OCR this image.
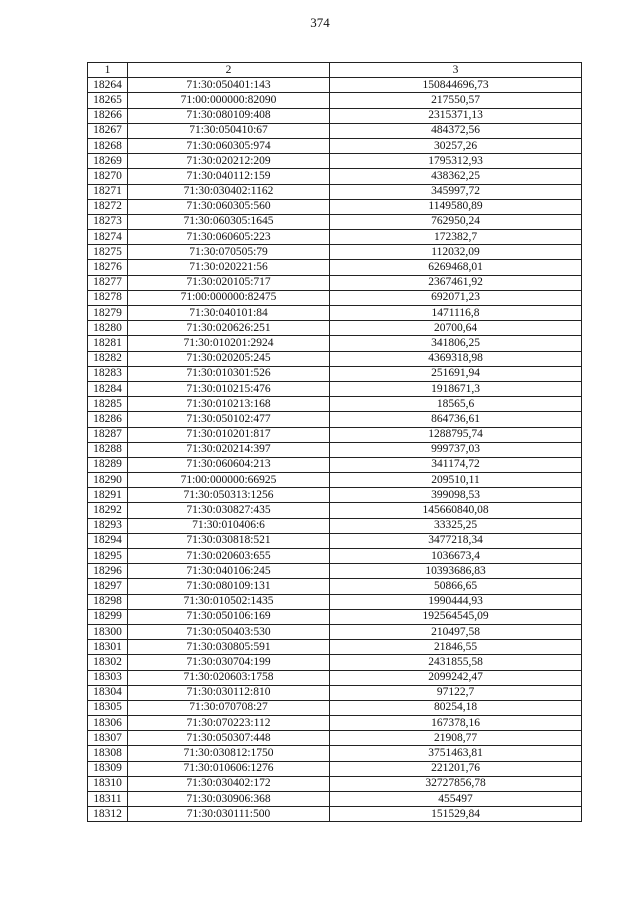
374
1	2	3
18264	71:30:050401:143	150844696,73
18265	71:00:000000:82090	217550,57
18266	71:30:080109:408	2315371,13
18267	71:30:050410:67	484372,56
18268	71:30:060305:974	30257,26
18269	71:30:020212:209	1795312,93
18270	71:30:040112:159	438362,25
18271	71:30:030402:1162	345997,72
18272	71:30:060305:560	1149580,89
18273	71:30:060305:1645	762950,24
18274	71:30:060605:223	172382,7
18275	71:30:070505:79	112032,09
18276	71:30:020221:56	6269468,01
18277	71:30:020105:717	2367461,92
18278	71:00:000000:82475	692071,23
18279	71:30:040101:84	1471116,8
18280	71:30:020626:251	20700,64
18281	71:30:010201:2924	341806,25
18282	71:30:020205:245	4369318,98
18283	71:30:010301:526	251691,94
18284	71:30:010215:476	1918671,3
18285	71:30:010213:168	18565,6
18286	71:30:050102:477	864736,61
18287	71:30:010201:817	1288795,74
18288	71:30:020214:397	999737,03
18289	71:30:060604:213	341174,72
18290	71:00:000000:66925	209510,11
18291	71:30:050313:1256	399098,53
18292	71:30:030827:435	145660840,08
18293	71:30:010406:6	33325,25
18294	71:30:030818:521	3477218,34
18295	71:30:020603:655	1036673,4
18296	71:30:040106:245	10393686,83
18297	71:30:080109:131	50866,65
18298	71:30:010502:1435	1990444,93
18299	71:30:050106:169	192564545,09
18300	71:30:050403:530	210497,58
18301	71:30:030805:591	21846,55
18302	71:30:030704:199	2431855,58
18303	71:30:020603:1758	2099242,47
18304	71:30:030112:810	97122,7
18305	71:30:070708:27	80254,18
18306	71:30:070223:112	167378,16
18307	71:30:050307:448	21908,77
18308	71:30:030812:1750	3751463,81
18309	71:30:010606:1276	221201,76
18310	71:30:030402:172	32727856,78
18311	71:30:030906:368	455497
18312	71:30:030111:500	151529,84
